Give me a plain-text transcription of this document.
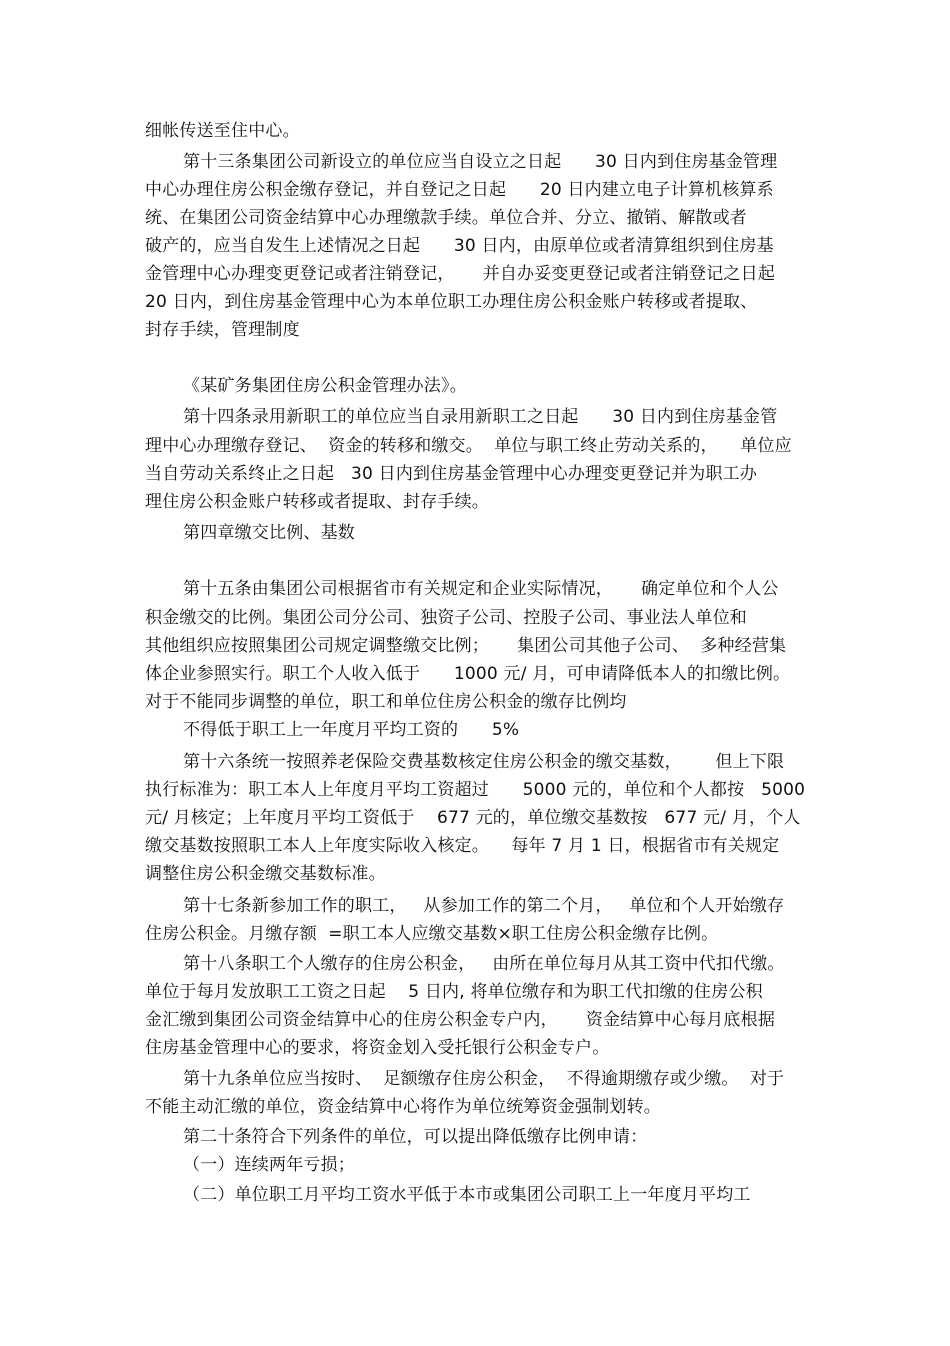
细帐传送至住中心。
第十三条集团公司新设立的单位应当自设立之日起      30 日内到住房基金管理
中心办理住房公积金缴存登记，并自登记之日起      20 日内建立电子计算机核算系
统、在集团公司资金结算中心办理缴款手续。单位合并、分立、撤销、解散或者
破产的，应当自发生上述情况之日起      30 日内，由原单位或者清算组织到住房基
金管理中心办理变更登记或者注销登记，     并自办妥变更登记或者注销登记之日起
20 日内，到住房基金管理中心为本单位职工办理住房公积金账户转移或者提取、
封存手续，管理制度
《某矿务集团住房公积金管理办法》。
第十四条录用新职工的单位应当自录用新职工之日起      30 日内到住房基金管
理中心办理缴存登记、  资金的转移和缴交。  单位与职工终止劳动关系的，    单位应
当自劳动关系终止之日起   30 日内到住房基金管理中心办理变更登记并为职工办
理住房公积金账户转移或者提取、封存手续。
第四章缴交比例、基数
第十五条由集团公司根据省市有关规定和企业实际情况，     确定单位和个人公
积金缴交的比例。集团公司分公司、独资子公司、控股子公司、事业法人单位和
其他组织应按照集团公司规定调整缴交比例；     集团公司其他子公司、  多种经营集
体企业参照实行。职工个人收入低于      1000 元/ 月，可申请降低本人的扣缴比例。
对于不能同步调整的单位，职工和单位住房公积金的缴存比例均
不得低于职工上一年度月平均工资的      5%
第十六条统一按照养老保险交费基数核定住房公积金的缴交基数，      但上下限
执行标准为：职工本人上年度月平均工资超过      5000 元的，单位和个人都按   5000
元/ 月核定；上年度月平均工资低于    677 元的，单位缴交基数按   677 元/ 月，个人
缴交基数按照职工本人上年度实际收入核定。    每年 7 月 1 日，根据省市有关规定
调整住房公积金缴交基数标准。
第十七条新参加工作的职工，   从参加工作的第二个月，   单位和个人开始缴存
住房公积金。月缴存额  =职工本人应缴交基数×职工住房公积金缴存比例。
第十八条职工个人缴存的住房公积金，   由所在单位每月从其工资中代扣代缴。
单位于每月发放职工工资之日起    5 日内, 将单位缴存和为职工代扣缴的住房公积
金汇缴到集团公司资金结算中心的住房公积金专户内，     资金结算中心每月底根据
住房基金管理中心的要求，将资金划入受托银行公积金专户。
第十九条单位应当按时、  足额缴存住房公积金，  不得逾期缴存或少缴。  对于
不能主动汇缴的单位，资金结算中心将作为单位统筹资金强制划转。
第二十条符合下列条件的单位，可以提出降低缴存比例申请：
（一）连续两年亏损；
（二）单位职工月平均工资水平低于本市或集团公司职工上一年度月平均工
